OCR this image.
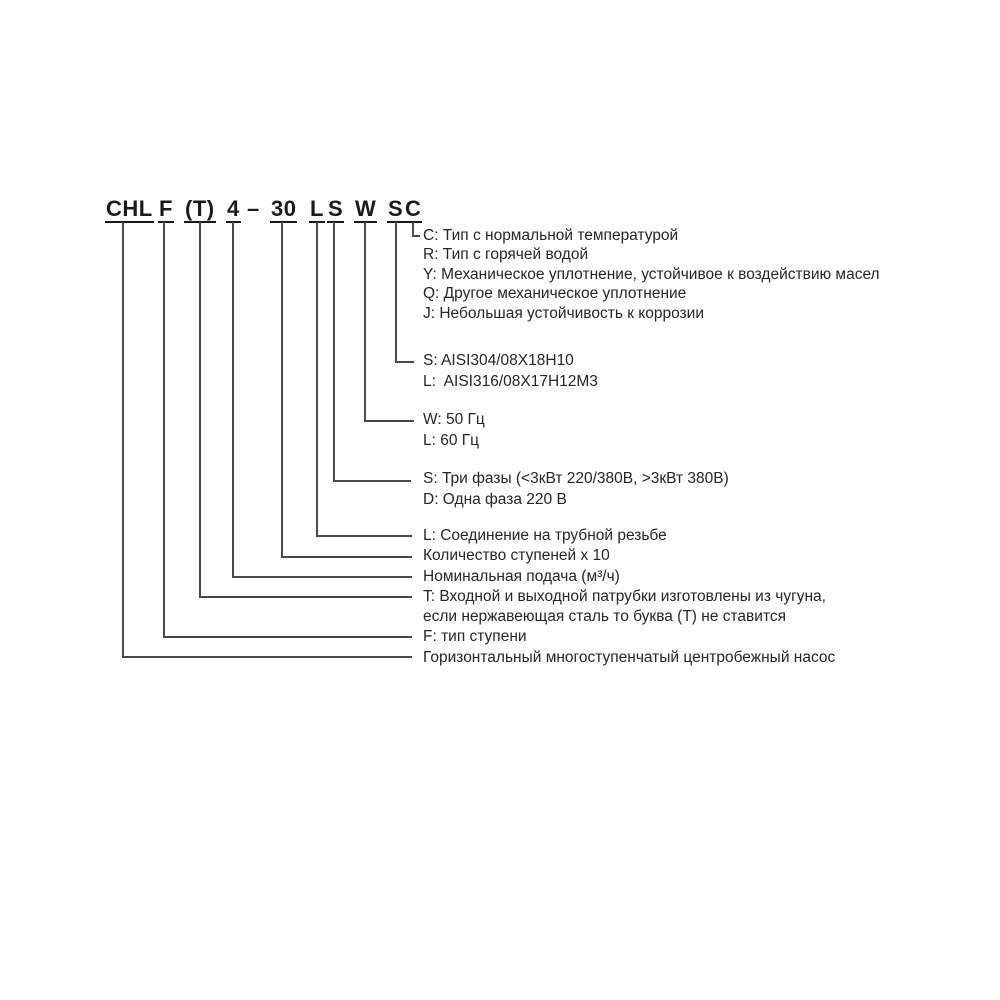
CHL F (T) 4 – 30 L S W S C
C: Тип с нормальной температурой
R: Тип с горячей водой
Y: Механическое уплотнение, устойчивое к воздействию масел
Q: Другое механическое уплотнение
J: Небольшая устойчивость к коррозии
S: AISI304/08X18H10
L:  AISI316/08X17H12M3
W: 50 Гц
L: 60 Гц
S: Три фазы (<3кВт 220/380В, >3кВт 380В)
D: Одна фаза 220 В
L: Соединение на трубной резьбе
Количество ступеней x 10
Номинальная подача (м³/ч)
T: Входной и выходной патрубки изготовлены из чугуна,
если нержавеющая сталь то буква (Т) не ставится
F: тип ступени
Горизонтальный многоступенчатый центробежный насос
